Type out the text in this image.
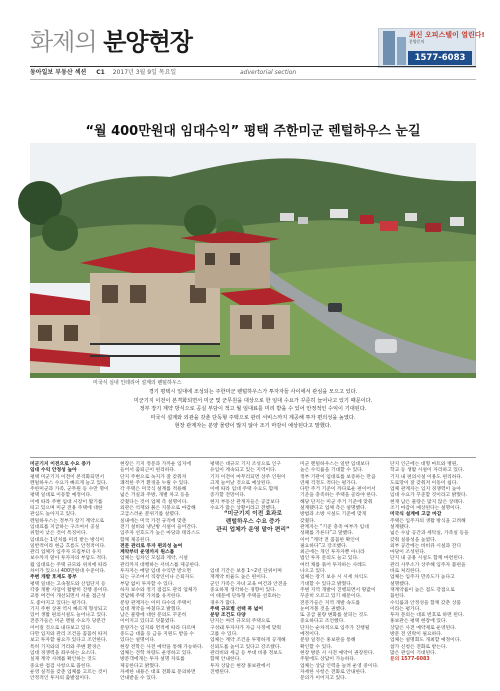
화제의 분양현장	최신 오피스텔이 열린다!
분양문의
1577-6083
동아일보 부동산 섹션 C1 2017년 3월 9일 목요일	advertorial section
“월 400만원대 임대수익” 평택 주한미군 렌털하우스 눈길
미국식 실내 인테리어 설계의 렌털하우스
경기 평택시 일대에 조성되는 주한미군 렌털하우스가 투자자들 사이에서 관심을 모으고 있다.
미군기지 이전이 본격화되면서 미군 및 군무원을 대상으로 한 임대 수요가 꾸준히 늘어나고 있기 때문이다.
정부 장기 계약 방식으로 공실 부담이 적고 월 임대료를 미리 받을 수 있어 안정적인 수익이 기대된다.
미국식 설계와 외관을 갖춘 단독형 주택으로 관리 서비스까지 제공해 투자 편의성을 높였다.
현장 관계자는 분양 물량이 많지 않아 조기 마감이 예상된다고 말했다.
미군기지 이전으로 수요 증가
임대 수익 안정성 높아
평택 미군기지 이전이 본격화되면서
렌털하우스 수요가 빠르게 늘고 있다.
주한미군과 가족, 군무원 등 수만 명이
평택 일대로 이동할 예정이다.
이에 따라 주변 임대 시장이 활기를
띠고 있으며 미군 전용 주택에 대한
관심도 높아지고 있다.
렌털하우스는 정부가 장기 계약으로
임대료를 지급하는 구조여서 공실
위험이 낮은 것이 특징이다.
임대료는 1년치를 미리 받는 방식이
일반적이라 현금 흐름도 안정적이다.
관리 업체가 입주자 모집부터 유지
보수까지 맡아 투자자의 부담도 적다.
월 임대료는 주택 규모와 위치에 따라
차이가 있으나 400만원대 수준이다.
주변 개발 호재도 풍부
평택 일대는 고속철도와 산업단지 등
각종 개발 사업이 활발히 진행 중이다.
교통 여건이 개선되면서 서울 접근성
도 좋아지고 있다는 평가다.
기지 주변 상권 역시 빠르게 형성되고
있어 생활 편의시설도 늘어나고 있다.
전문가들은 미군 렌털 수요가 당분간
이어질 것으로 내다보고 있다.
다만 입지와 관리 조건을 꼼꼼히 따져
보고 투자할 필요가 있다고 조언한다.
특히 기지와의 거리와 주변 환경은
임대 경쟁력을 좌우하는 요소다.
실제 계약 사례를 확인하는 것도
중요한 점검 사항으로 꼽힌다.
운영 실적을 갖춘 업체를 고르는 것이
안정적인 투자의 출발점이다.
현장은 기지 정문과 가까운 입지에
들어서 출퇴근이 편리하다.
단지 주변으로 녹지가 잘 갖춰져
쾌적한 주거 환경을 누릴 수 있다.
각 주택은 미국식 설계를 적용해
넓은 거실과 주방, 개별 차고 등을
갖췄다는 것이 업체 측 설명이다.
외관은 석재와 붉은 지붕으로 마감해
고급스러운 분위기를 살렸다.
실내에는 미국 가전 규격에 맞춘
전기 설비와 냉난방 시설이 들어간다.
입주자 선호도가 높은 마당과 테라스도
함께 제공된다.
전문 관리로 투자 편의성 높여
계약부터 운영까지 원스톱
업체는 임차인 모집과 계약, 시설
관리까지 대행하는 서비스를 제공한다.
투자자는 매달 임대 수익만 받으면
되는 구조여서 직장인이나 은퇴자도
부담 없이 투자할 수 있다.
하자 보수와 정기 점검도 관리 업체가
전담해 주택 가치를 유지한다.
분양 관계자는 이미 다수의 주택이
임대 계약을 마쳤다고 밝혔다.
남은 물량에 대한 문의도 꾸준히
이어지고 있다고 덧붙였다.
분양가는 입지와 면적에 따라 다르며
중도금 대출 등 금융 지원도 받을 수
있다는 설명이다.
현장 견학은 사전 예약을 통해 가능하다.
업체는 견학 차량도 운영하고 있다.
방문객에게는 투자 설명 자료를
제공한다고 밝혔다.
자세한 내용은 대표 전화로 문의하면
안내받을 수 있다.
평택은 대규모 기지 조성으로 인구
유입이 계속되고 있는 지역이다.
기지 이전이 마무리되면 상주 인원이
크게 늘어날 것으로 예상된다.
이에 따라 임대 주택 수요도 함께
증가할 전망이다.
현지 부동산 관계자들은 공급보다
수요가 많은 상황이라고 전했다.

임대 기간은 보통 1~2년 단위이며
재계약 비율도 높은 편이다.
군인 가족은 자녀 교육 여건과 안전을
중요하게 생각하는 경향이 있다.
이 때문에 단독형 주택을 선호하는
경우가 많다.
주택 규모별 선택 폭 넓어
분양 조건도 다양
단지는 여러 규모의 주택으로
구성돼 투자자가 자금 사정에 맞춰
고를 수 있다.
업체는 계약 조건을 투명하게 공개해
신뢰도를 높이고 있다고 강조했다.
관리비와 세금 등 부대 비용 정보도
함께 안내한다.
투자 상담은 현장 홍보관에서
진행된다.
미군 렌털하우스는 일반 임대보다
높은 수익률을 기대할 수 있다.
정부 기관이 임대료를 보증하는 만큼
연체 걱정도 적다는 평가다.
다만 주거 기준이 까다로운 편이어서
기준을 충족하는 주택을 골라야 한다.
해당 단지는 미군 주거 기준에 맞춰
설계됐다고 업체 측은 설명했다.
방범과 소방 시설도 기준에 맞게
갖췄다.
관계자는 “기준 충족 여부가 임대
성패를 가른다”고 말했다.
이어 “계약 전 꼼꼼한 확인이
필요하다”고 강조했다.
최근에는 개인 투자자뿐 아니라
법인 투자 문의도 늘고 있다.
여러 채를 묶어 투자하는 사례도
나오고 있다.
업체는 장기 보유 시 시세 차익도
기대할 수 있다고 밝혔다.
주변 지역 개발이 진행되면서 땅값이
꾸준히 오르고 있기 때문이다.
전문가들은 지역 개발 속도를
눈여겨볼 것을 권했다.
또 공급 물량 변화를 살피는 것도
중요하다고 조언했다.
단지는 순차적으로 입주가 진행될
예정이다.
분양 일정은 홍보관을 통해
확인할 수 있다.
현장 방문 시 사전 예약이 권장된다.
주말에도 상담이 가능하다.
업체는 상담 인력을 늘려 운영 중이다.
자세한 사항은 전화로 안내한다.
문의가 이어지고 있다.
단지 인근에는 대형 마트와 병원,
학교 등 생활 시설이 자리하고 있다.
기지 내 편의시설 이용도 편리하다.
도로망이 잘 갖춰져 이동이 쉽다.
업체 관계자는 입지 경쟁력이 높아
임대 수요가 꾸준할 것이라고 밝혔다.
현재 남은 물량은 많지 않은 상태다.
조기 마감이 예상된다는 설명이다.
미국식 설계에 고급 마감
주택은 입주자의 생활 방식을 고려해
설계됐다.
넓은 수납 공간과 세탁실, 가족실 등을
갖춰 실용성을 높였다.
외부 공간에는 바비큐 시설과 잔디
마당이 조성된다.
단지 내 공용 시설도 함께 마련된다.
관리 사무소가 상주해 입주자 불편을
바로 처리한다.
업체는 입주자 만족도가 높다고
설명했다.
재계약률이 높은 점도 강점으로
꼽힌다.
수익률과 안정성을 함께 갖춘 상품
이라는 평가다.
투자 문의는 대표 번호로 하면 된다.
홍보관은 평택 현장에 있다.
상담은 사전 예약제로 운영된다.
방문 전 연락이 필요하다.
업체는 설명회도 개최할 예정이다.
참가 신청은 전화로 받는다.
많은 관심이 기대된다.
문의 1577-6083
“미군기지 이전 효과로
렌털하우스 수요 증가
관리 업체가 운영 맡아 편리”
